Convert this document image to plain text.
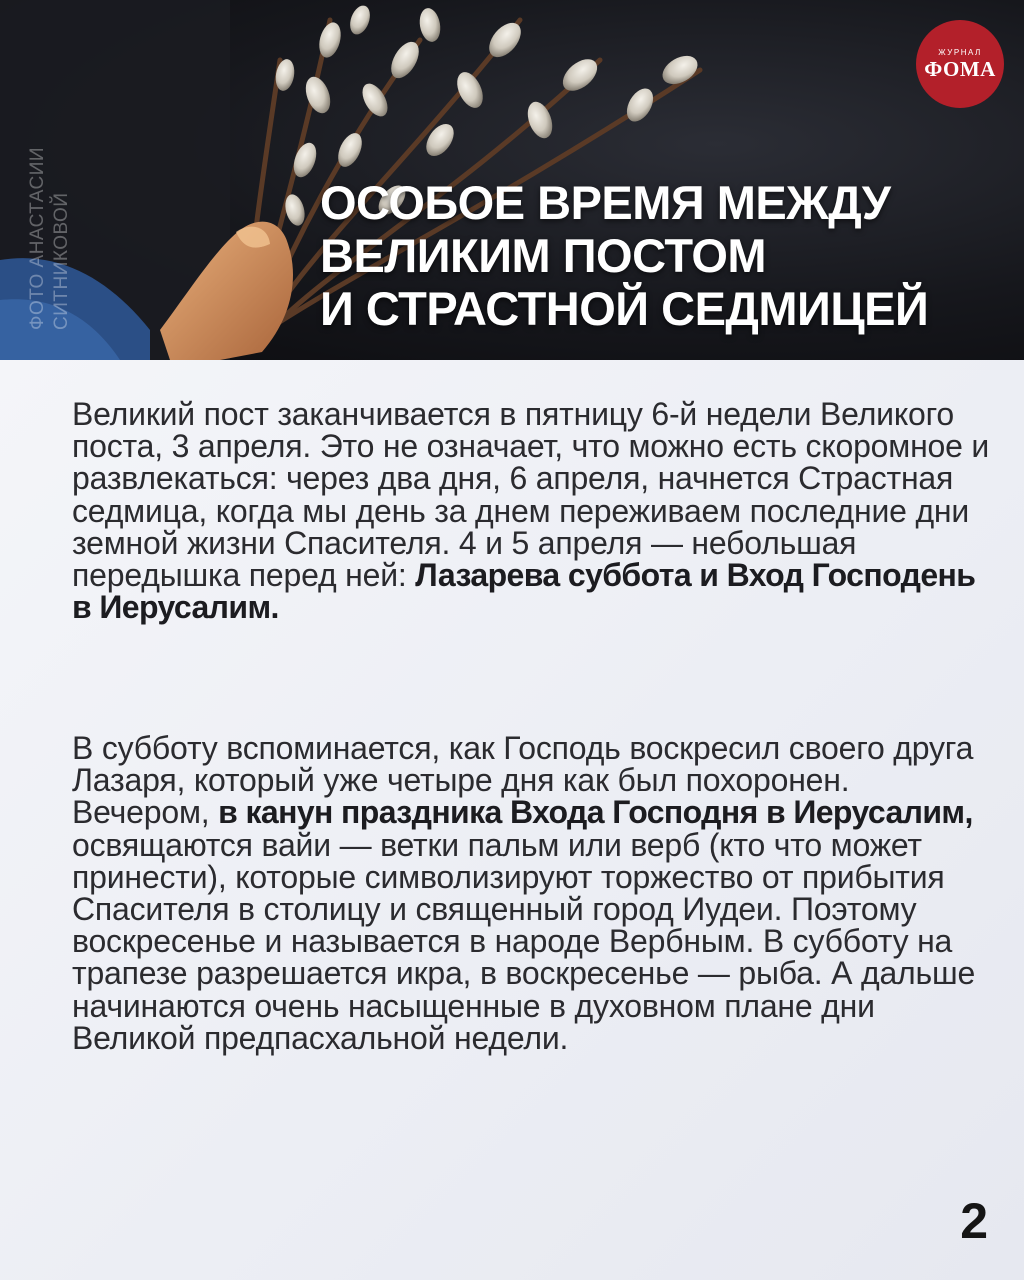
ФОТО АНАСТАСИИ СИТНИКОВОЙ
ЖУРНАЛ
ФОМА
ОСОБОЕ ВРЕМЯ МЕЖДУ
ВЕЛИКИМ ПОСТОМ
И СТРАСТНОЙ СЕДМИЦЕЙ

Великий пост заканчивается в пятницу 6-й недели Великого поста, 3 апреля. Это не означает, что можно есть скоромное и развлекаться: через два дня, 6 апреля, начнется Страстная седмица, когда мы день за днем переживаем последние дни земной жизни Спасителя. 4 и 5 апреля — небольшая передышка перед ней: Лазарева суббота и Вход Господень в Иерусалим.

В субботу вспоминается, как Господь воскресил своего друга Лазаря, который уже четыре дня как был похоронен. Вечером, в канун праздника Входа Господня в Иерусалим, освящаются вайи — ветки пальм или верб (кто что может принести), которые символизируют торжество от прибытия Спасителя в столицу и священный город Иудеи. Поэтому воскресенье и называется в народе Вербным. В субботу на трапезе разрешается икра, в воскресенье — рыба. А дальше начинаются очень насыщенные в духовном плане дни Великой предпасхальной недели.

2
